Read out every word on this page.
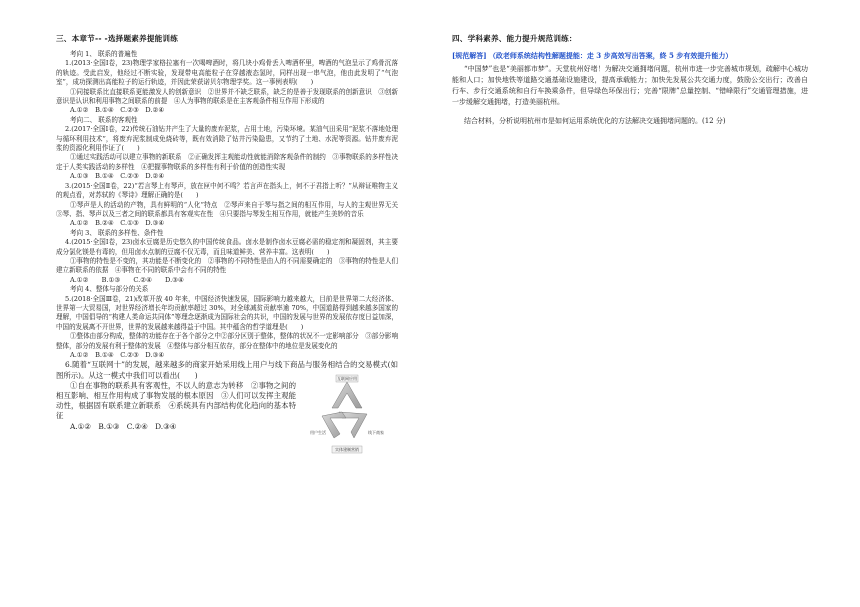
三、本章节-- -选择题素养提能训练

考向 1、 联系的普遍性

1.(2013·全国Ⅰ卷，23)物理学家格拉塞有一次喝啤酒时，将几块小鸡骨丢入啤酒杯里，啤酒的气泡呈示了鸡骨沉落的轨迹。受此启发，他经过不断实验，发现带电高能粒子在穿越液态氢时，同样出现一串气泡，他由此发明了“气泡室”，成功探测出高能粒子的运行轨迹，并因此荣获诺贝尔物理学奖。这一事例表明(　　)

①同接联系比直接联系更能激发人的创新意识　②世界并不缺乏联系，缺乏的是善于发现联系的创新意识　③创新意识是认识和利用事物之间联系的前提　④人为事物的联系是在主客观条件相互作用下形成的

A.①②　B.①④　C.②③　D.②④

考向二、 联系的客观性

2.(2017·全国Ⅰ卷，22)传统石油钻井产生了大量的废弃泥浆，占用土地，污染环境。某油气田采用“泥浆不落地处理与循环利用技术”，将废弃泥浆制成免烧砖等，既有效消除了钻井污染隐患，又节约了土地、水泥等资源。钻井废弃泥浆的资源化利用作证了(　　)

①通过实践活动可以建立事物的新联系　②正确发挥主观能动性就能消除客观条件的制约　③事物联系的多样性决定于人类实践活动的多样性　④把握事物联系的多样性有利于价值的创造性实现

A.①③　B.①④　C.②③　D.②④

3.(2015·全国Ⅱ卷，22)“若言琴上有琴声，放在匣中何不鸣？若言声在指头上，何不于君指上听？”从辩证唯物主义的观点看，对苏轼的《琴诗》理解正确的是(　　)

①琴声是人的活动的产物，具有鲜明的“人化”特点　②琴声来自于琴与指之间的相互作用，与人的主观世界无关　③琴、指、琴声以及三者之间的联系都具有客观实在性　④只要指与琴发生相互作用，就能产生美妙的音乐

A.①②　B.②④　C.①③　D.③④

考向 3、 联系的多样性、条件性

4.(2015·全国Ⅰ卷，23)卤水豆腐是历史悠久的中国传统食品。卤水是制作卤水豆腐必需的稳定剂和凝固剂，其主要成分氯化镁是有毒的，但用卤水点制的豆腐不仅无毒，而且味道鲜美、营养丰富。这表明(　　)

①事物的特性是不变的，其功能是不断变化的　②事物的不同特性是由人的不同需要确定的　③事物的特性是人们建立新联系的依据　④事物在不同的联系中会有不同的特性

A.①②　　B.①③　　C.②④　　D.③④

考向 4、整体与部分的关系

5.(2018·全国Ⅲ卷，21)改革开放 40 年来，中国经济快速发展，国际影响力越来越大，目前是世界第二大经济体、世界第一大贸易国，对世界经济增长年均贡献率超过 30%，对全球减贫贡献率逾 70%，中国道路得到越来越多国家的理解，中国倡导的“构建人类命运共同体”等理念逐渐成为国际社会的共识，中国的发展与世界的发展依存度日益加深，中国的发展离不开世界，世界的发展越来越得益于中国。其中蕴含的哲学道理是(　　)

①整体由部分构成，整体的功能存在于各个部分之中②部分区别于整体，整体的状况不一定影响部分　③部分影响整体，部分的发展有利于整体的发展　④整体与部分相互依存，部分在整体中的地位是发展变化的

A.①②　B.①④　C.②③　D.③④

6.随着“互联网十”的发展，越来越多的商家开始采用线上用户与线下商品与服务相结合的交易模式(如图所示)。从这一模式中我们可以看出(　　)

①自在事物的联系具有客观性，不以人的意志为转移　②事物之间的相互影响、相互作用构成了事物发展的根本原因　③人们可以发挥主观能动性，根据固有联系建立新联系　④系统具有内部结构优化趋向的基本特征

A.①②　B.①③　C.②④　D.③④

互联网应用
用户生活	线下商家
实体建制营销
四、学科素养、能力提升规范训练：

[规范解答] （政老师系统结构性解题提能：走 3 步高效写出答案，終 5 步有效提升能力）

“中国梦”也是“美丽都市梦”。天堂杭州好堵！为解决交通拥堵问题，杭州市进一步完善城市规划，疏解中心城功能和人口；加快地铁等道路交通基础设施建设，提高承载能力；加快先发展公共交通力度，鼓励公交出行；改善自行车、步行交通系统和自行车换乘条件，但导绿色环保出行；完善“限牌”总量控制、“错峰限行”交通管理措施，进一步缓解交通拥堵，打造美丽杭州。

结合材料，分析说明杭州市是如何运用系统优化的方法解决交通拥堵问题的。(12 分)
